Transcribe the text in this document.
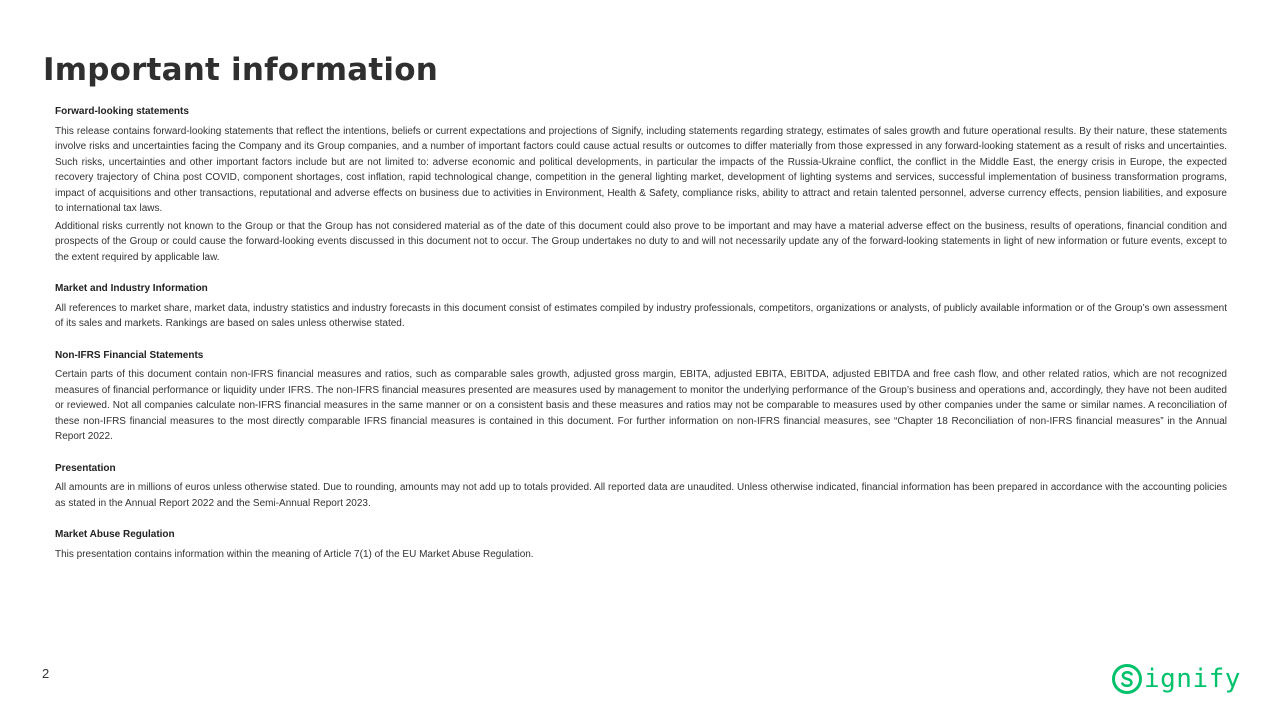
Important information

Forward-looking statements

This release contains forward-looking statements that reflect the intentions, beliefs or current expectations and projections of Signify, including statements regarding strategy, estimates of sales growth and future operational results. By their nature, these statements involve risks and uncertainties facing the Company and its Group companies, and a number of important factors could cause actual results or outcomes to differ materially from those expressed in any forward-looking statement as a result of risks and uncertainties. Such risks, uncertainties and other important factors include but are not limited to: adverse economic and political developments, in particular the impacts of the Russia-Ukraine conflict, the conflict in the Middle East, the energy crisis in Europe, the expected recovery trajectory of China post COVID, component shortages, cost inflation, rapid technological change, competition in the general lighting market, development of lighting systems and services, successful implementation of business transformation programs, impact of acquisitions and other transactions, reputational and adverse effects on business due to activities in Environment, Health & Safety, compliance risks, ability to attract and retain talented personnel, adverse currency effects, pension liabilities, and exposure to international tax laws.

Additional risks currently not known to the Group or that the Group has not considered material as of the date of this document could also prove to be important and may have a material adverse effect on the business, results of operations, financial condition and prospects of the Group or could cause the forward-looking events discussed in this document not to occur. The Group undertakes no duty to and will not necessarily update any of the forward-looking statements in light of new information or future events, except to the extent required by applicable law.

Market and Industry Information

All references to market share, market data, industry statistics and industry forecasts in this document consist of estimates compiled by industry professionals, competitors, organizations or analysts, of publicly available information or of the Group’s own assessment of its sales and markets. Rankings are based on sales unless otherwise stated.

Non-IFRS Financial Statements

Certain parts of this document contain non-IFRS financial measures and ratios, such as comparable sales growth, adjusted gross margin, EBITA, adjusted EBITA, EBITDA, adjusted EBITDA and free cash flow, and other related ratios, which are not recognized measures of financial performance or liquidity under IFRS. The non-IFRS financial measures presented are measures used by management to monitor the underlying performance of the Group’s business and operations and, accordingly, they have not been audited or reviewed. Not all companies calculate non-IFRS financial measures in the same manner or on a consistent basis and these measures and ratios may not be comparable to measures used by other companies under the same or similar names. A reconciliation of these non-IFRS financial measures to the most directly comparable IFRS financial measures is contained in this document. For further information on non-IFRS financial measures, see “Chapter 18 Reconciliation of non-IFRS financial measures” in the Annual Report 2022.

Presentation

All amounts are in millions of euros unless otherwise stated. Due to rounding, amounts may not add up to totals provided. All reported data are unaudited. Unless otherwise indicated, financial information has been prepared in accordance with the accounting policies as stated in the Annual Report 2022 and the Semi-Annual Report 2023.

Market Abuse Regulation

This presentation contains information within the meaning of Article 7(1) of the EU Market Abuse Regulation.

2	ignify
